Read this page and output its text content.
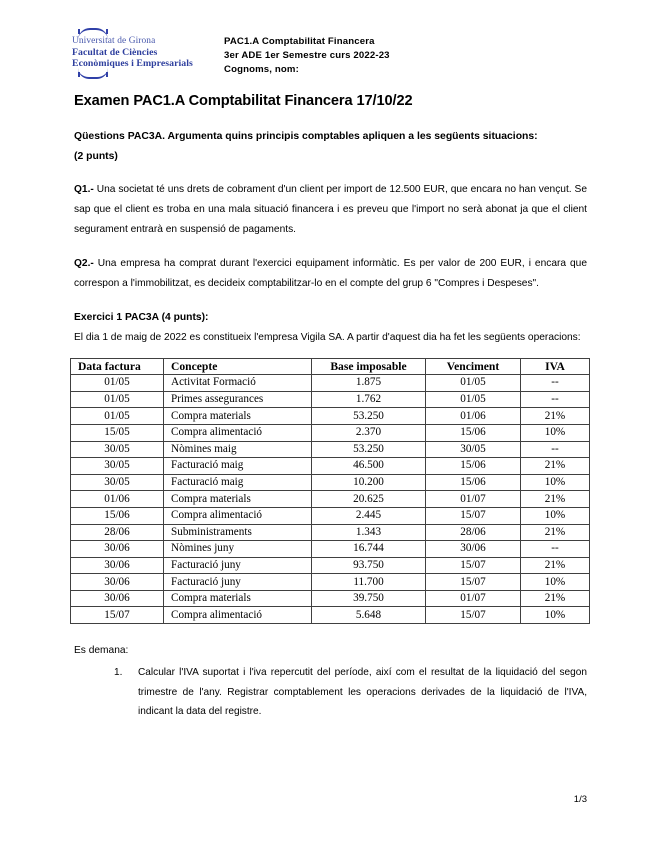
Universitat de Girona
Facultat de Ciències
Econòmiques i Empresarials
PAC1.A Comptabilitat Financera
3er ADE 1er Semestre curs 2022-23
Cognoms, nom:
Examen PAC1.A Comptabilitat Financera 17/10/22
Qüestions PAC3A. Argumenta quins principis comptables apliquen a les següents situacions:
(2 punts)

Q1.- Una societat té uns drets de cobrament d'un client per import de 12.500 EUR, que encara no han vençut. Se sap que el client es troba en una mala situació financera i es preveu que l'import no serà abonat ja que el client segurament entrarà en suspensió de pagaments.

Q2.- Una empresa ha comprat durant l'exercici equipament informàtic. Es per valor de 200 EUR, i encara que correspon a l'immobilitzat, es decideix comptabilitzar-lo en el compte del grup 6 "Compres i Despeses".

Exercici 1 PAC3A (4 punts):

El dia 1 de maig de 2022 es constitueix l'empresa Vigila SA. A partir d'aquest dia ha fet les següents operacions:

Data factura	Concepte	Base imposable	Venciment	IVA
01/05	Activitat Formació	1.875	01/05	--
01/05	Primes assegurances	1.762	01/05	--
01/05	Compra materials	53.250	01/06	21%
15/05	Compra alimentació	2.370	15/06	10%
30/05	Nòmines maig	53.250	30/05	--
30/05	Facturació maig	46.500	15/06	21%
30/05	Facturació maig	10.200	15/06	10%
01/06	Compra materials	20.625	01/07	21%
15/06	Compra alimentació	2.445	15/07	10%
28/06	Subministraments	1.343	28/06	21%
30/06	Nòmines juny	16.744	30/06	--
30/06	Facturació juny	93.750	15/07	21%
30/06	Facturació juny	11.700	15/07	10%
30/06	Compra materials	39.750	01/07	21%
15/07	Compra alimentació	5.648	15/07	10%
Es demana:
Calcular l'IVA suportat i l'iva repercutit del període, així com el resultat de la liquidació del segon trimestre de l'any. Registrar comptablement les operacions derivades de la liquidació de l'IVA, indicant la data del registre.
1/3
